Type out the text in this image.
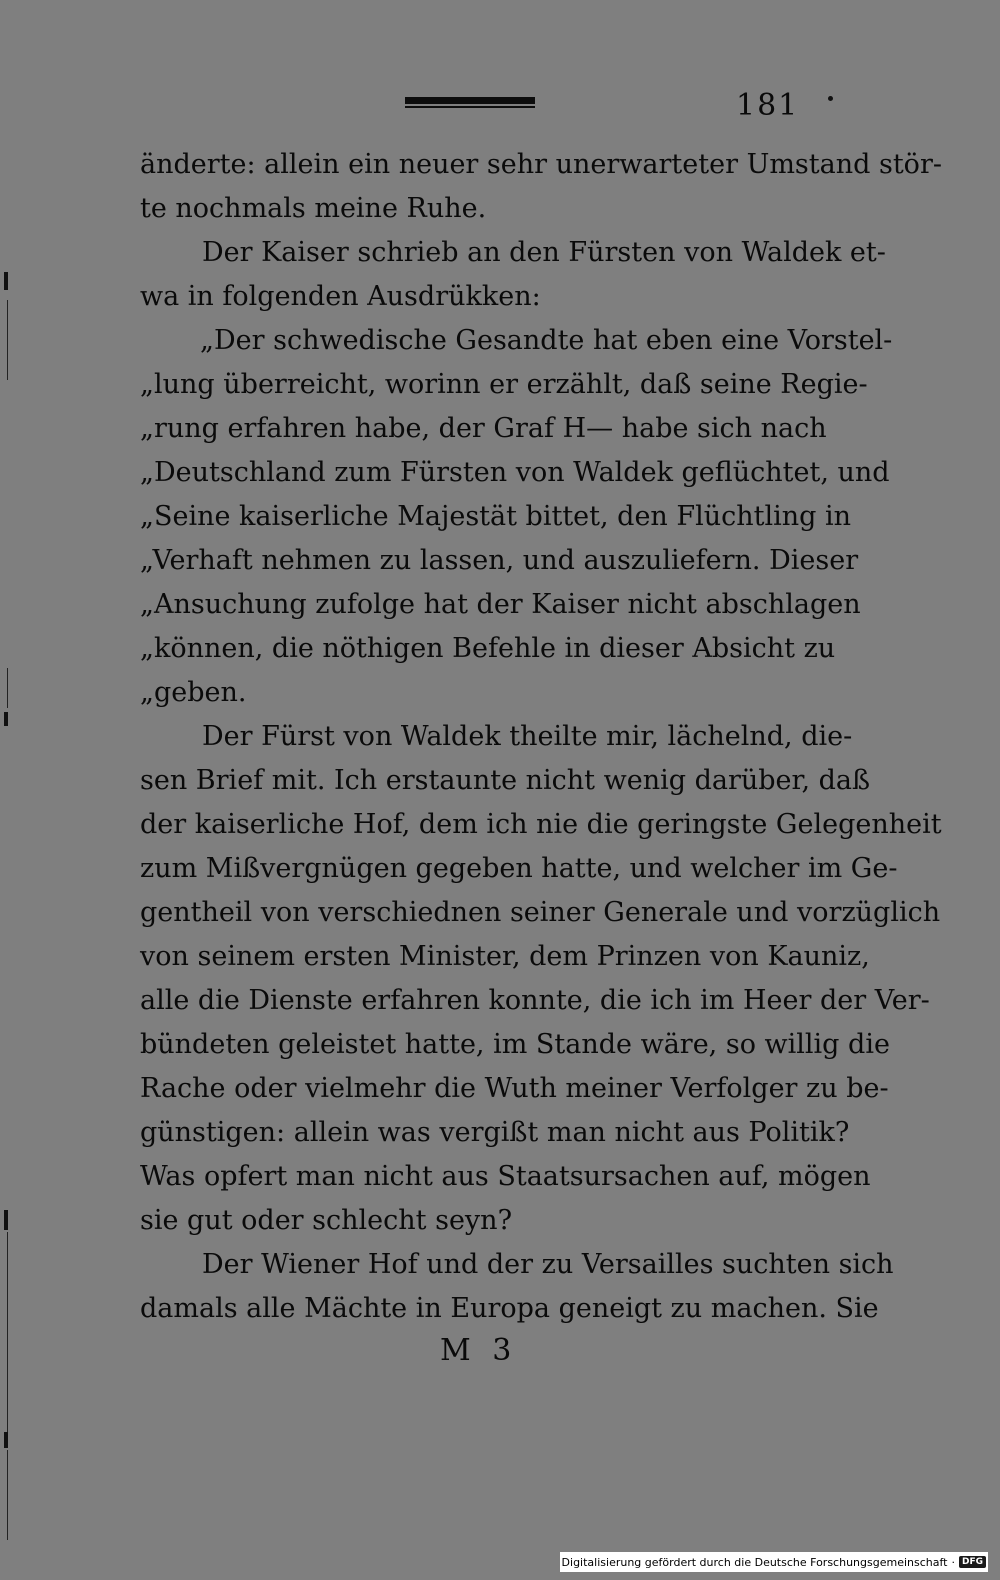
181
änderte: allein ein neuer sehr unerwarteter Umstand stör-
te nochmals meine Ruhe.
Der Kaiser schrieb an den Fürsten von Waldek et-
wa in folgenden Ausdrükken:
„Der schwedische Gesandte hat eben eine Vorstel-
„lung überreicht, worinn er erzählt, daß seine Regie-
„rung erfahren habe, der Graf H— habe sich nach
„Deutschland zum Fürsten von Waldek geflüchtet, und
„Seine kaiserliche Majestät bittet, den Flüchtling in
„Verhaft nehmen zu lassen, und auszuliefern. Dieser
„Ansuchung zufolge hat der Kaiser nicht abschlagen
„können, die nöthigen Befehle in dieser Absicht zu
„geben.
Der Fürst von Waldek theilte mir, lächelnd, die-
sen Brief mit. Ich erstaunte nicht wenig darüber, daß
der kaiserliche Hof, dem ich nie die geringste Gelegenheit
zum Mißvergnügen gegeben hatte, und welcher im Ge-
gentheil von verschiednen seiner Generale und vorzüglich
von seinem ersten Minister, dem Prinzen von Kauniz,
alle die Dienste erfahren konnte, die ich im Heer der Ver-
bündeten geleistet hatte, im Stande wäre, so willig die
Rache oder vielmehr die Wuth meiner Verfolger zu be-
günstigen: allein was vergißt man nicht aus Politik?
Was opfert man nicht aus Staatsursachen auf, mögen
sie gut oder schlecht seyn?
Der Wiener Hof und der zu Versailles suchten sich
damals alle Mächte in Europa geneigt zu machen. Sie
M 3
Digitalisierung gefördert durch die Deutsche Forschungsgemeinschaft · DFG
